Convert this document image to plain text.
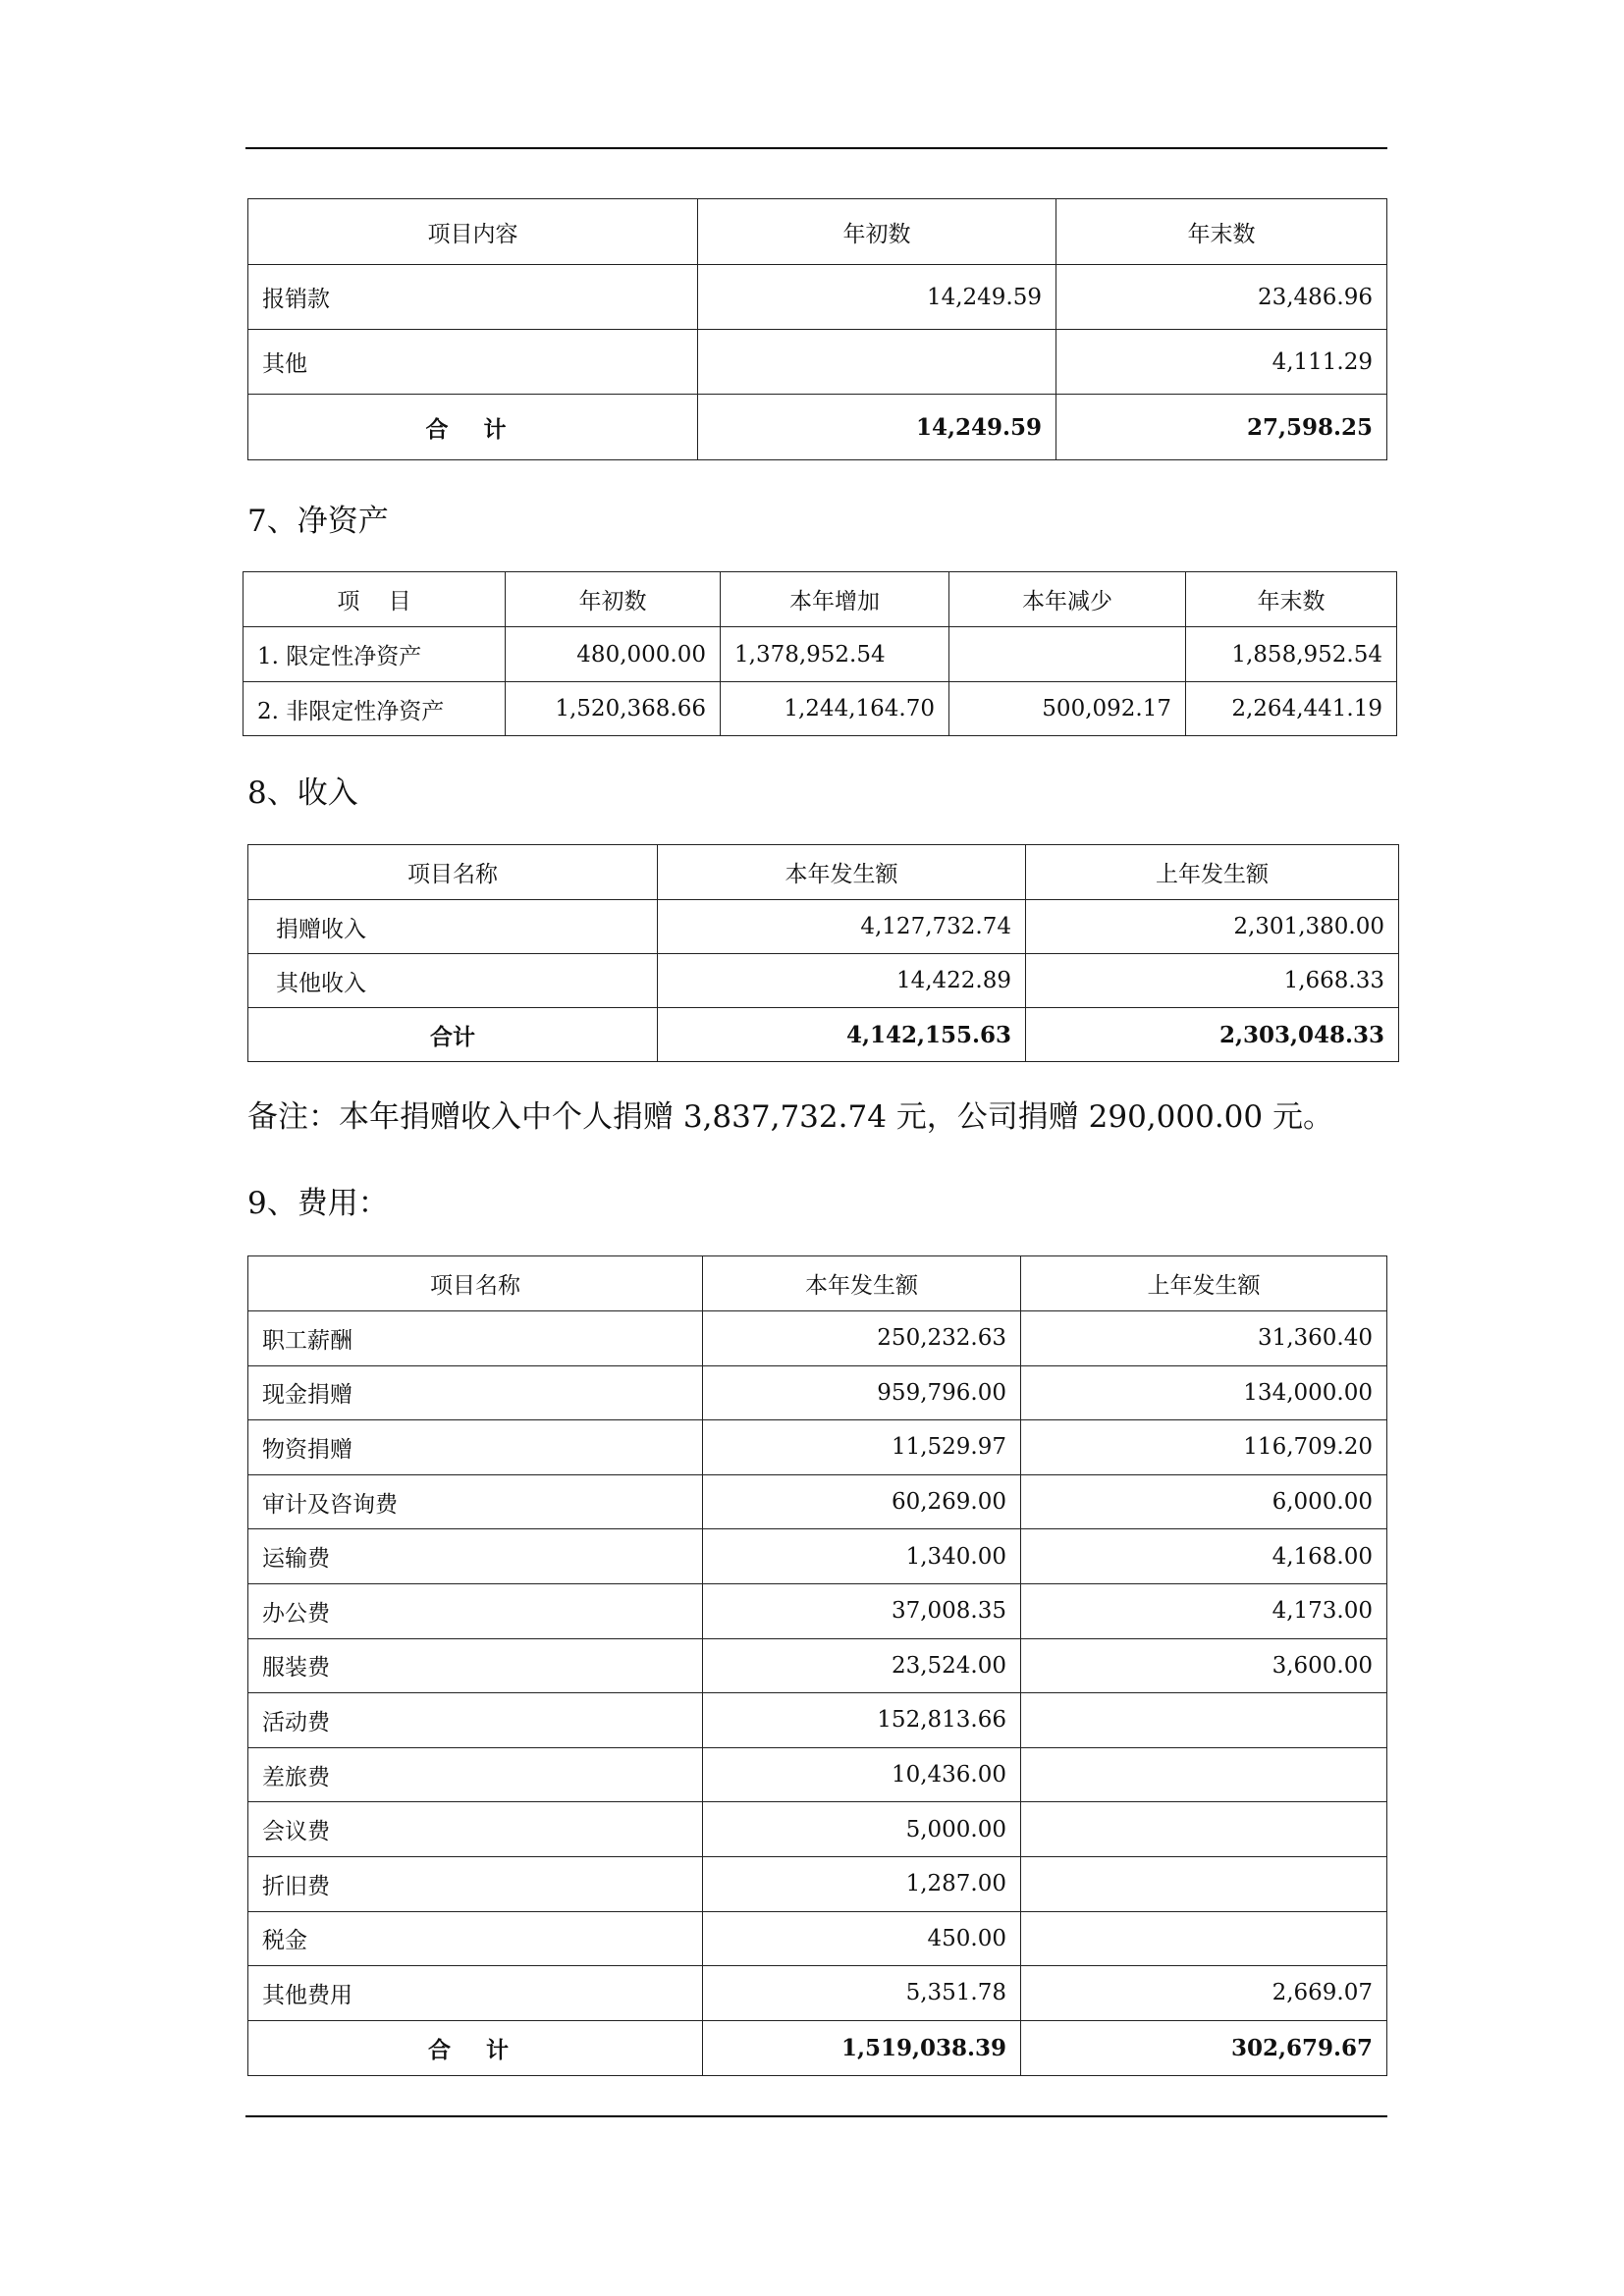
项目内容	年初数	年末数
报销款	14,249.59	23,486.96
其他		4,111.29
合 计	14,249.59	27,598.25
7、净资产
项    目	年初数	本年增加	本年减少	年末数
1. 限定性净资产	480,000.00	1,378,952.54		1,858,952.54
2. 非限定性净资产	1,520,368.66	1,244,164.70	500,092.17	2,264,441.19
8、收入
项目名称	本年发生额	上年发生额
捐赠收入	4,127,732.74	2,301,380.00
其他收入	14,422.89	1,668.33
合计	4,142,155.63	2,303,048.33
备注：本年捐赠收入中个人捐赠 3,837,732.74 元，公司捐赠 290,000.00 元。
9、费用：
项目名称	本年发生额	上年发生额
职工薪酬	250,232.63	31,360.40
现金捐赠	959,796.00	134,000.00
物资捐赠	11,529.97	116,709.20
审计及咨询费	60,269.00	6,000.00
运输费	1,340.00	4,168.00
办公费	37,008.35	4,173.00
服装费	23,524.00	3,600.00
活动费	152,813.66	
差旅费	10,436.00	
会议费	5,000.00	
折旧费	1,287.00	
税金	450.00	
其他费用	5,351.78	2,669.07
合 计	1,519,038.39	302,679.67
